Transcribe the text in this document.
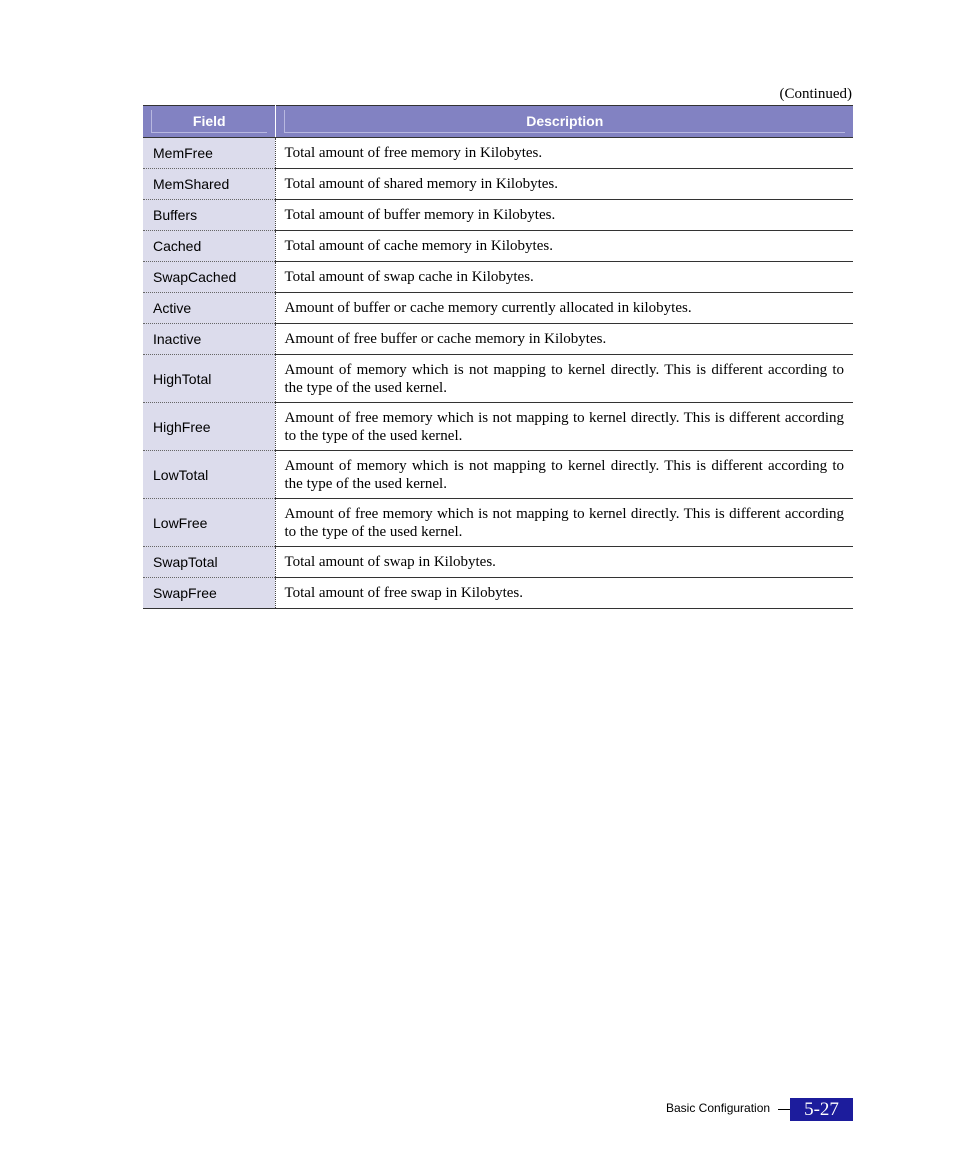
(Continued)
Field	Description

MemFree	Total amount of free memory in Kilobytes.
MemShared	Total amount of shared memory in Kilobytes.
Buffers	Total amount of buffer memory in Kilobytes.
Cached	Total amount of cache memory in Kilobytes.
SwapCached	Total amount of swap cache in Kilobytes.
Active	Amount of buffer or cache memory currently allocated in kilobytes.
Inactive	Amount of free buffer or cache memory in Kilobytes.
HighTotal	Amount of memory which is not mapping to kernel directly. This is different according to the type of the used kernel.
HighFree	Amount of free memory which is not mapping to kernel directly. This is different according to the type of the used kernel.
LowTotal	Amount of memory which is not mapping to kernel directly. This is different according to the type of the used kernel.
LowFree	Amount of free memory which is not mapping to kernel directly. This is different according to the type of the used kernel.
SwapTotal	Total amount of swap in Kilobytes.
SwapFree	Total amount of free swap in Kilobytes.
Basic Configuration	5-27
